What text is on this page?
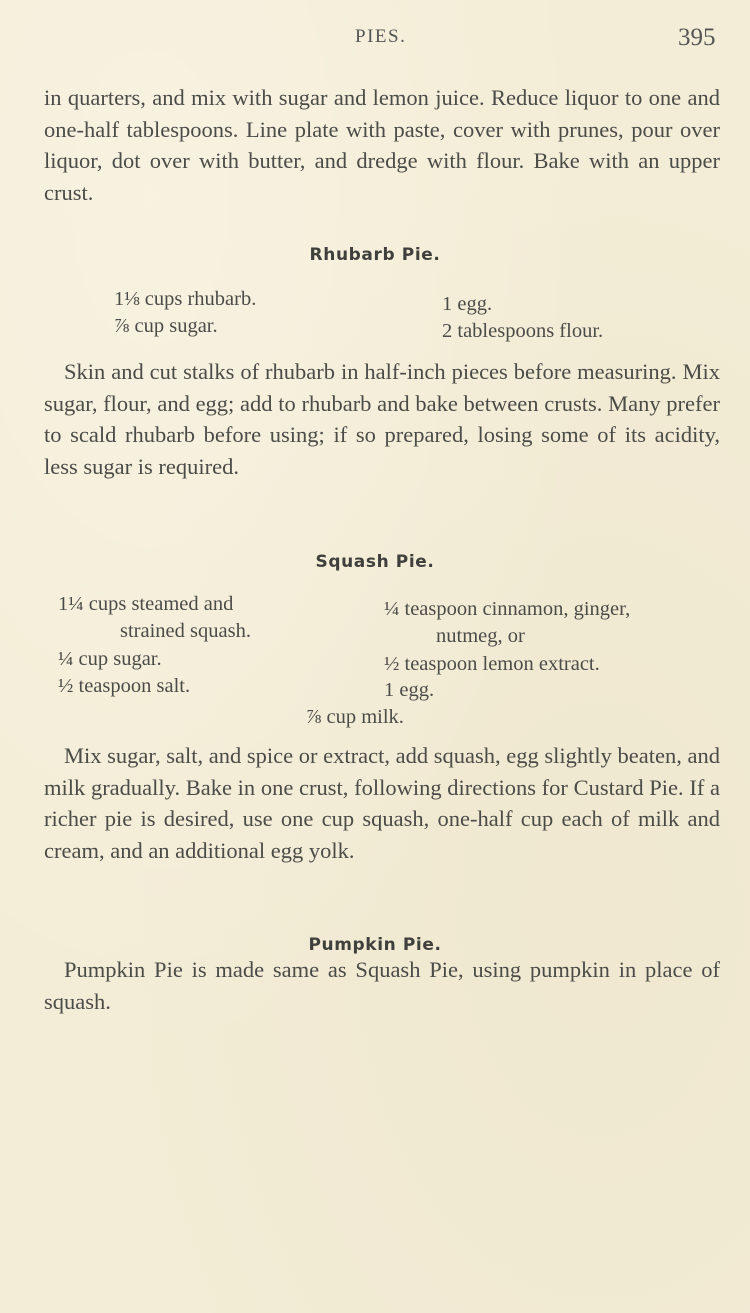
PIES.	395

in quarters, and mix with sugar and lemon juice. Reduce liquor to one and one-half tablespoons. Line plate with paste, cover with prunes, pour over liquor, dot over with butter, and dredge with flour. Bake with an upper crust.

Rhubarb Pie.

1⅛ cups rhubarb.

⅞ cup sugar.

1 egg.

2 tablespoons flour.

Skin and cut stalks of rhubarb in half-inch pieces before measuring. Mix sugar, flour, and egg; add to rhubarb and bake between crusts. Many prefer to scald rhubarb before using; if so prepared, losing some of its acidity, less sugar is required.

Squash Pie.

1¼ cups steamed and

strained squash.

¼ cup sugar.

½ teaspoon salt.

¼ teaspoon cinnamon, ginger,

nutmeg, or

½ teaspoon lemon extract.

1 egg.

⅞ cup milk.

Mix sugar, salt, and spice or extract, add squash, egg slightly beaten, and milk gradually. Bake in one crust, following directions for Custard Pie. If a richer pie is desired, use one cup squash, one-half cup each of milk and cream, and an additional egg yolk.

Pumpkin Pie.

Pumpkin Pie is made same as Squash Pie, using pumpkin in place of squash.
